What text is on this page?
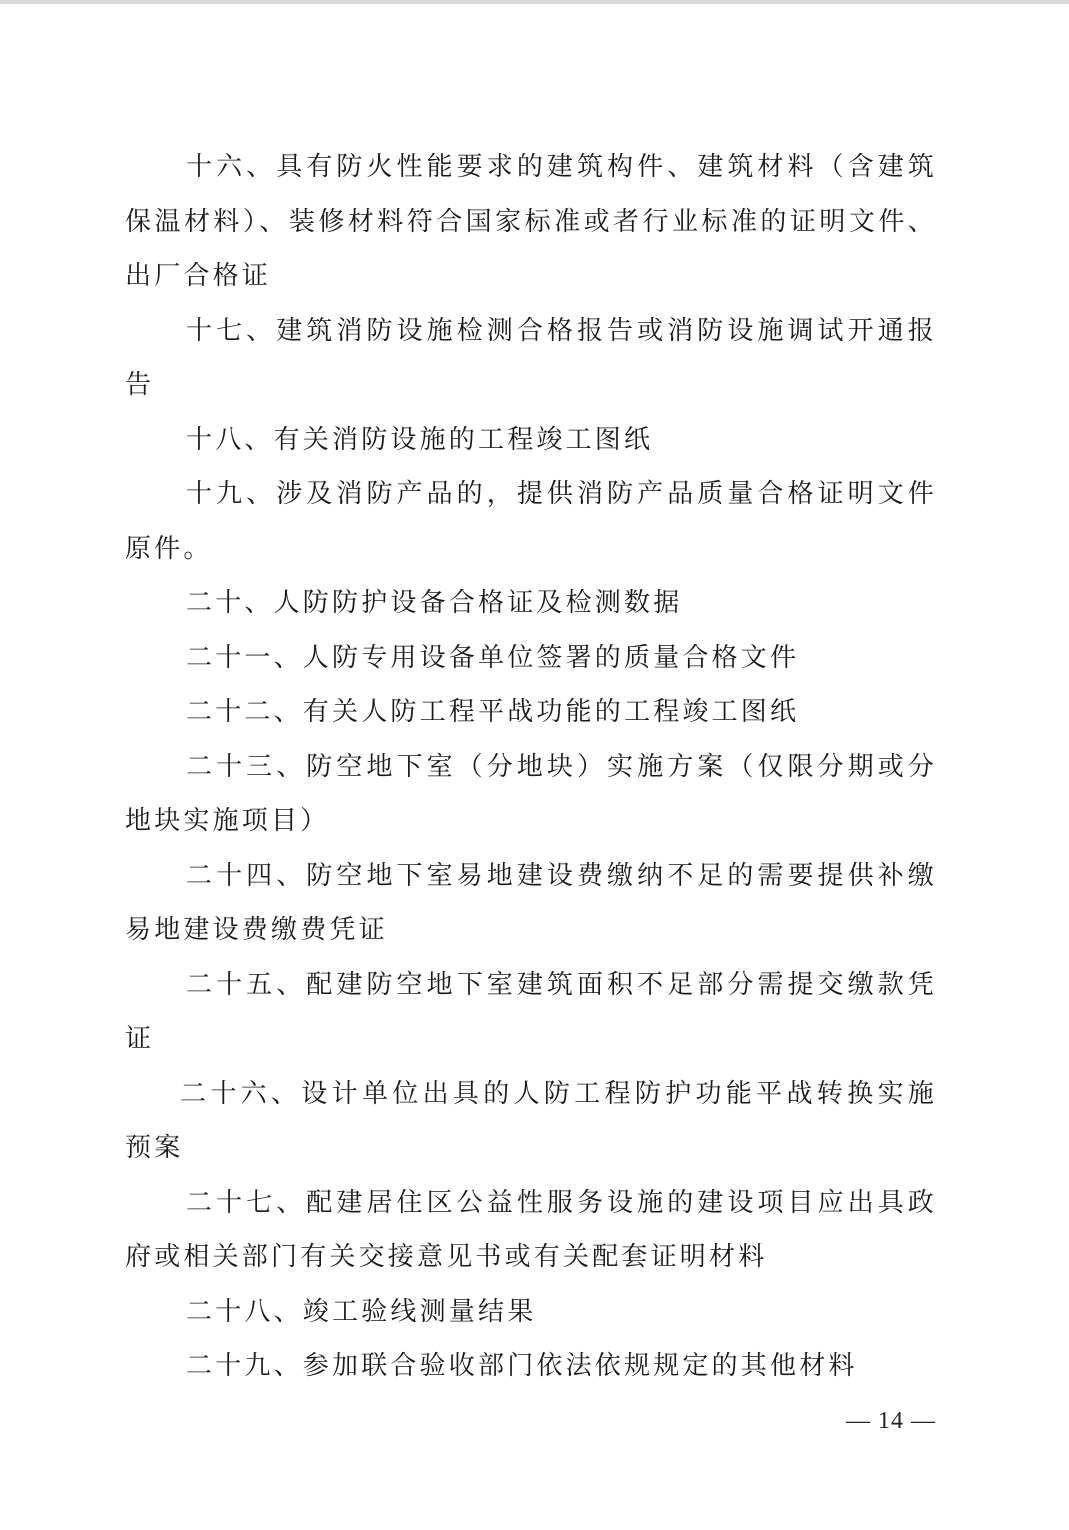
十六、具有防火性能要求的建筑构件、建筑材料（含建筑保温材料）、装修材料符合国家标准或者行业标准的证明文件、出厂合格证

十七、建筑消防设施检测合格报告或消防设施调试开通报告

十八、有关消防设施的工程竣工图纸

十九、涉及消防产品的，提供消防产品质量合格证明文件原件。

二十、人防防护设备合格证及检测数据

二十一、人防专用设备单位签署的质量合格文件

二十二、有关人防工程平战功能的工程竣工图纸

二十三、防空地下室（分地块）实施方案（仅限分期或分地块实施项目）

二十四、防空地下室易地建设费缴纳不足的需要提供补缴易地建设费缴费凭证

二十五、配建防空地下室建筑面积不足部分需提交缴款凭证

二十六、设计单位出具的人防工程防护功能平战转换实施预案

二十七、配建居住区公益性服务设施的建设项目应出具政府或相关部门有关交接意见书或有关配套证明材料

二十八、竣工验线测量结果

二十九、参加联合验收部门依法依规规定的其他材料

— 14 —
